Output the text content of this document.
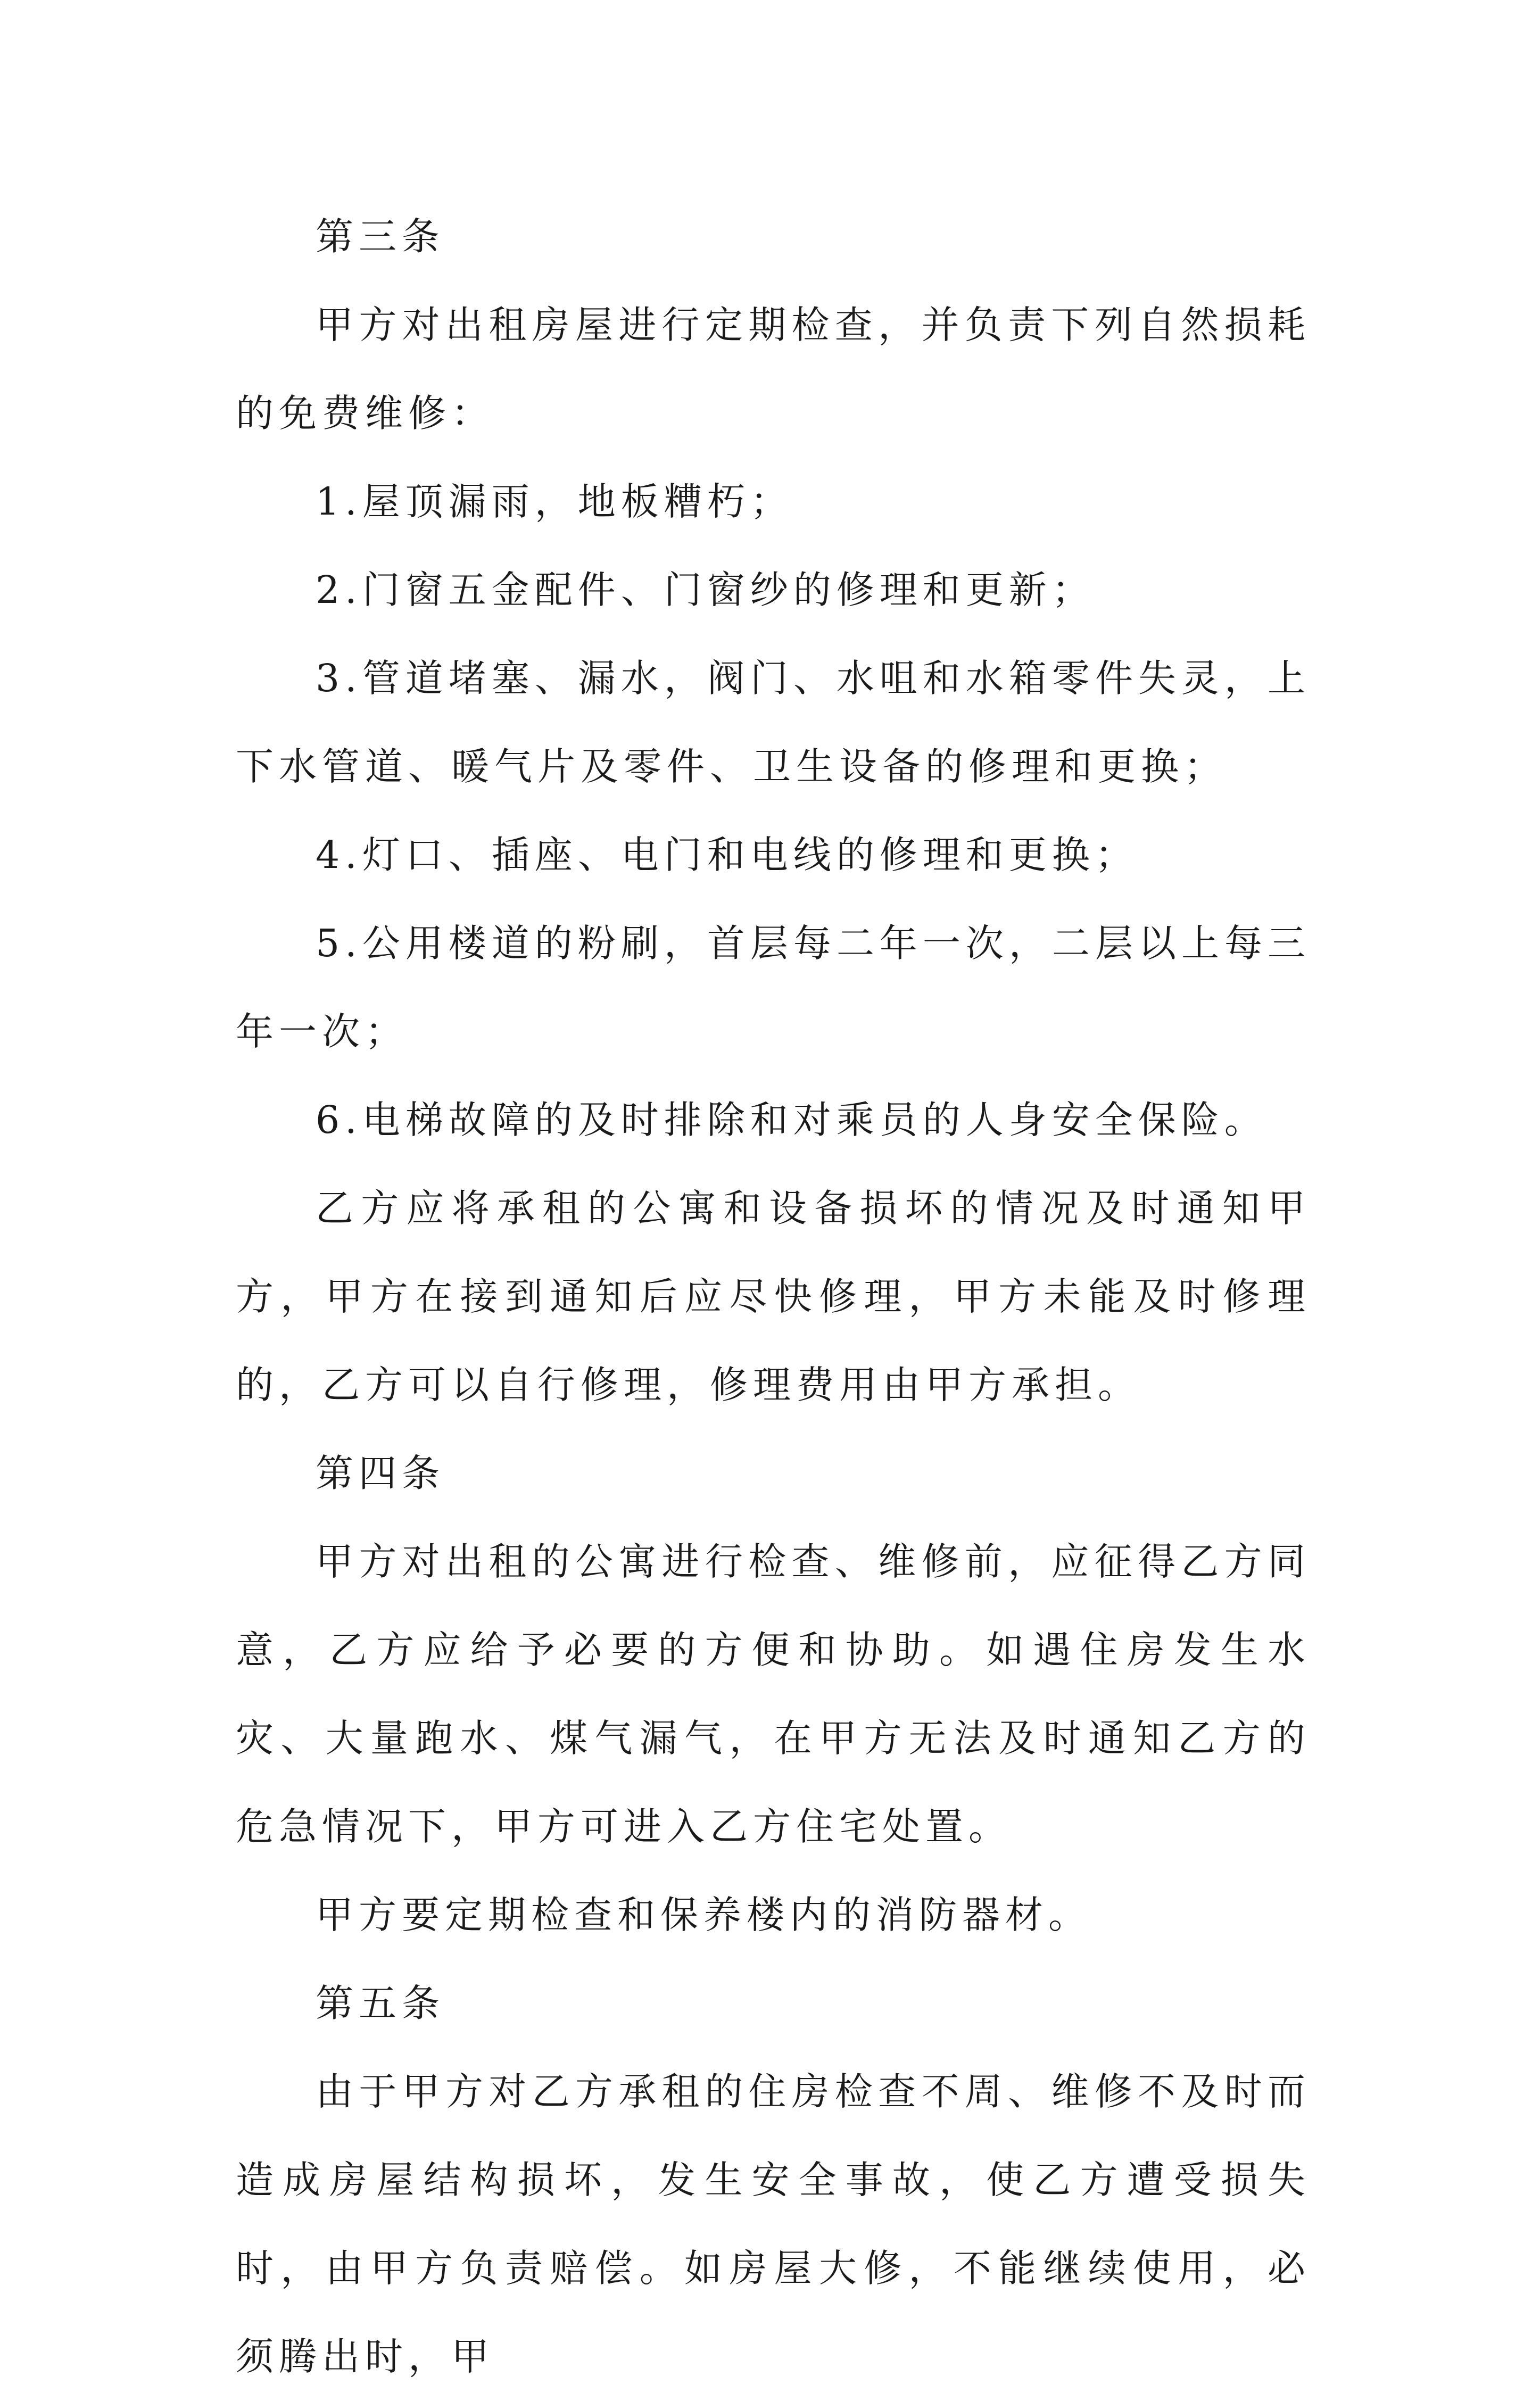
第三条

甲方对出租房屋进行定期检查，并负责下列自然损耗的免费维修：

1.屋顶漏雨，地板糟朽；

2.门窗五金配件、门窗纱的修理和更新；

3.管道堵塞、漏水，阀门、水咀和水箱零件失灵，上下水管道、暖气片及零件、卫生设备的修理和更换；

4.灯口、插座、电门和电线的修理和更换；

5.公用楼道的粉刷，首层每二年一次，二层以上每三年一次；

6.电梯故障的及时排除和对乘员的人身安全保险。

乙方应将承租的公寓和设备损坏的情况及时通知甲方，甲方在接到通知后应尽快修理，甲方未能及时修理的，乙方可以自行修理，修理费用由甲方承担。

第四条

甲方对出租的公寓进行检查、维修前，应征得乙方同意，乙方应给予必要的方便和协助。如遇住房发生水灾、大量跑水、煤气漏气，在甲方无法及时通知乙方的危急情况下，甲方可进入乙方住宅处置。

甲方要定期检查和保养楼内的消防器材。

第五条

由于甲方对乙方承租的住房检查不周、维修不及时而造成房屋结构损坏，发生安全事故，使乙方遭受损失时，由甲方负责赔偿。如房屋大修，不能继续使用，必须腾出时，甲
